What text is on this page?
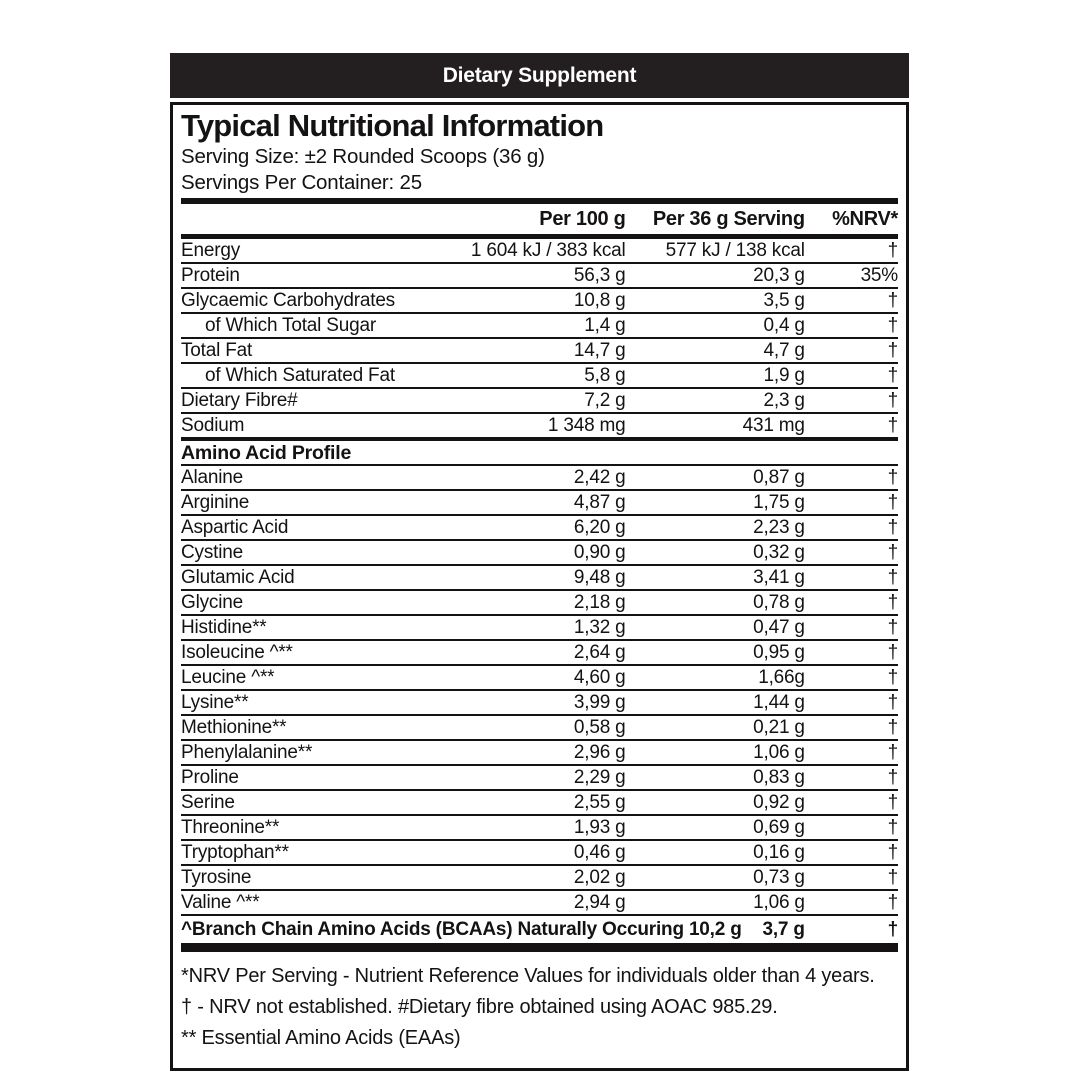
Dietary Supplement
Typical Nutritional Information
Serving Size: ±2 Rounded Scoops (36 g)
Servings Per Container: 25
	Per 100 g	Per 36 g Serving	%NRV*
Energy	1 604 kJ / 383 kcal	577 kJ / 138 kcal	†
Protein	56,3 g	20,3 g	35%
Glycaemic Carbohydrates	10,8 g	3,5 g	†
of Which Total Sugar	1,4 g	0,4 g	†
Total Fat	14,7 g	4,7 g	†
of Which Saturated Fat	5,8 g	1,9 g	†
Dietary Fibre#	7,2 g	2,3 g	†
Sodium	1 348 mg	431 mg	†
Amino Acid Profile			
Alanine	2,42 g	0,87 g	†
Arginine	4,87 g	1,75 g	†
Aspartic Acid	6,20 g	2,23 g	†
Cystine	0,90 g	0,32 g	†
Glutamic Acid	9,48 g	3,41 g	†
Glycine	2,18 g	0,78 g	†
Histidine**	1,32 g	0,47 g	†
Isoleucine ^**	2,64 g	0,95 g	†
Leucine ^**	4,60 g	1,66g	†
Lysine**	3,99 g	1,44 g	†
Methionine**	0,58 g	0,21 g	†
Phenylalanine**	2,96 g	1,06 g	†
Proline	2,29 g	0,83 g	†
Serine	2,55 g	0,92 g	†
Threonine**	1,93 g	0,69 g	†
Tryptophan**	0,46 g	0,16 g	†
Tyrosine	2,02 g	0,73 g	†
Valine ^**	2,94 g	1,06 g	†
^Branch Chain Amino Acids (BCAAs) Naturally Occuring 10,2 g		3,7 g	†
*NRV Per Serving - Nutrient Reference Values for individuals older than 4 years.
† - NRV not established. #Dietary fibre obtained using AOAC 985.29.
** Essential Amino Acids (EAAs)
